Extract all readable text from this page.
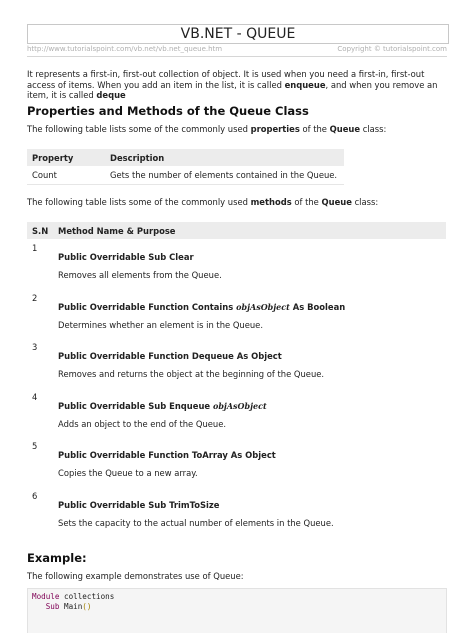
VB.NET - QUEUE
http://www.tutorialspoint.com/vb.net/vb.net_queue.htm	Copyright © tutorialspoint.com
It represents a first-in, first-out collection of object. It is used when you need a first-in, first-out access of items. When you add an item in the list, it is called enqueue, and when you remove an item, it is called deque
Properties and Methods of the Queue Class
The following table lists some of the commonly used properties of the Queue class:
Property	Description
Count	Gets the number of elements contained in the Queue.
The following table lists some of the commonly used methods of the Queue class:
S.N Method Name & Purpose
1
Public Overridable Sub Clear
Removes all elements from the Queue.
2
Public Overridable Function Contains objAsObject As Boolean
Determines whether an element is in the Queue.
3
Public Overridable Function Dequeue As Object
Removes and returns the object at the beginning of the Queue.
4
Public Overridable Sub Enqueue objAsObject
Adds an object to the end of the Queue.
5
Public Overridable Function ToArray As Object
Copies the Queue to a new array.
6
Public Overridable Sub TrimToSize
Sets the capacity to the actual number of elements in the Queue.
Example:
The following example demonstrates use of Queue:
Module collections
Sub Main()
